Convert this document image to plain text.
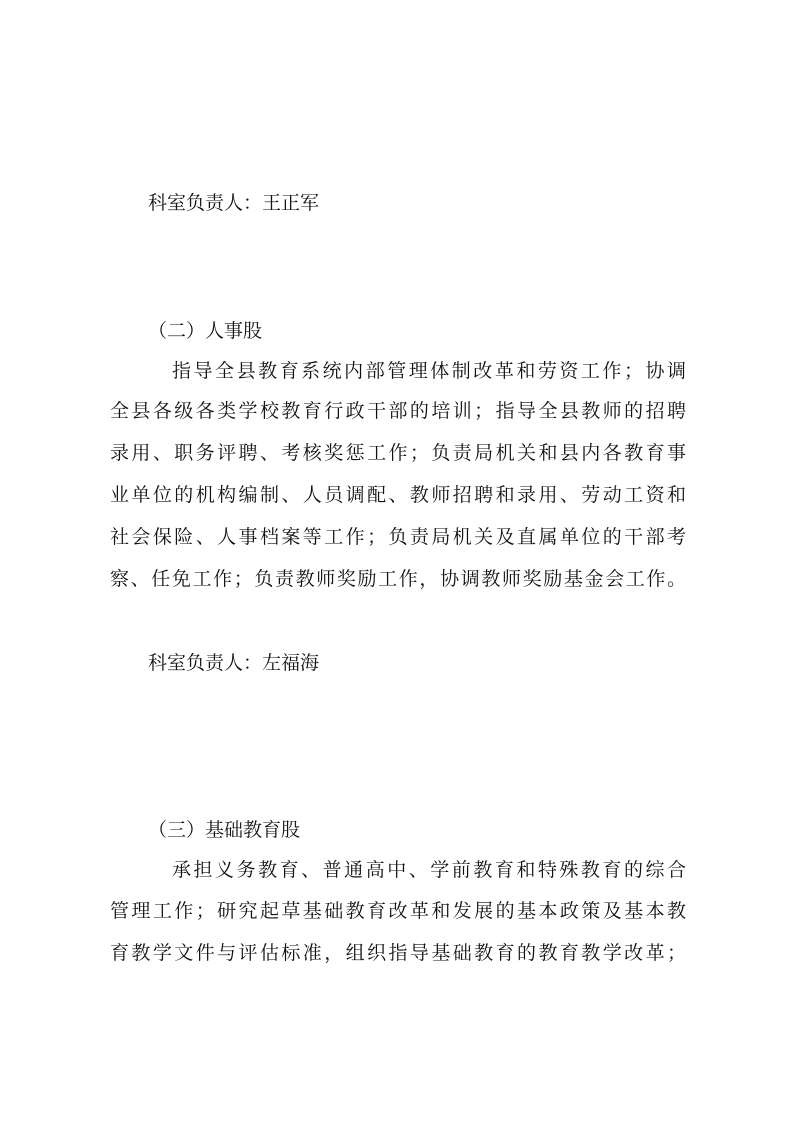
科室负责人：王正军

（二）人事股

指导全县教育系统内部管理体制改革和劳资工作；协调

全县各级各类学校教育行政干部的培训；指导全县教师的招聘

录用、职务评聘、考核奖惩工作；负责局机关和县内各教育事

业单位的机构编制、人员调配、教师招聘和录用、劳动工资和

社会保险、人事档案等工作；负责局机关及直属单位的干部考

察、任免工作；负责教师奖励工作，协调教师奖励基金会工作。

科室负责人：左福海

（三）基础教育股

承担义务教育、普通高中、学前教育和特殊教育的综合

管理工作；研究起草基础教育改革和发展的基本政策及基本教

育教学文件与评估标准，组织指导基础教育的教育教学改革；
